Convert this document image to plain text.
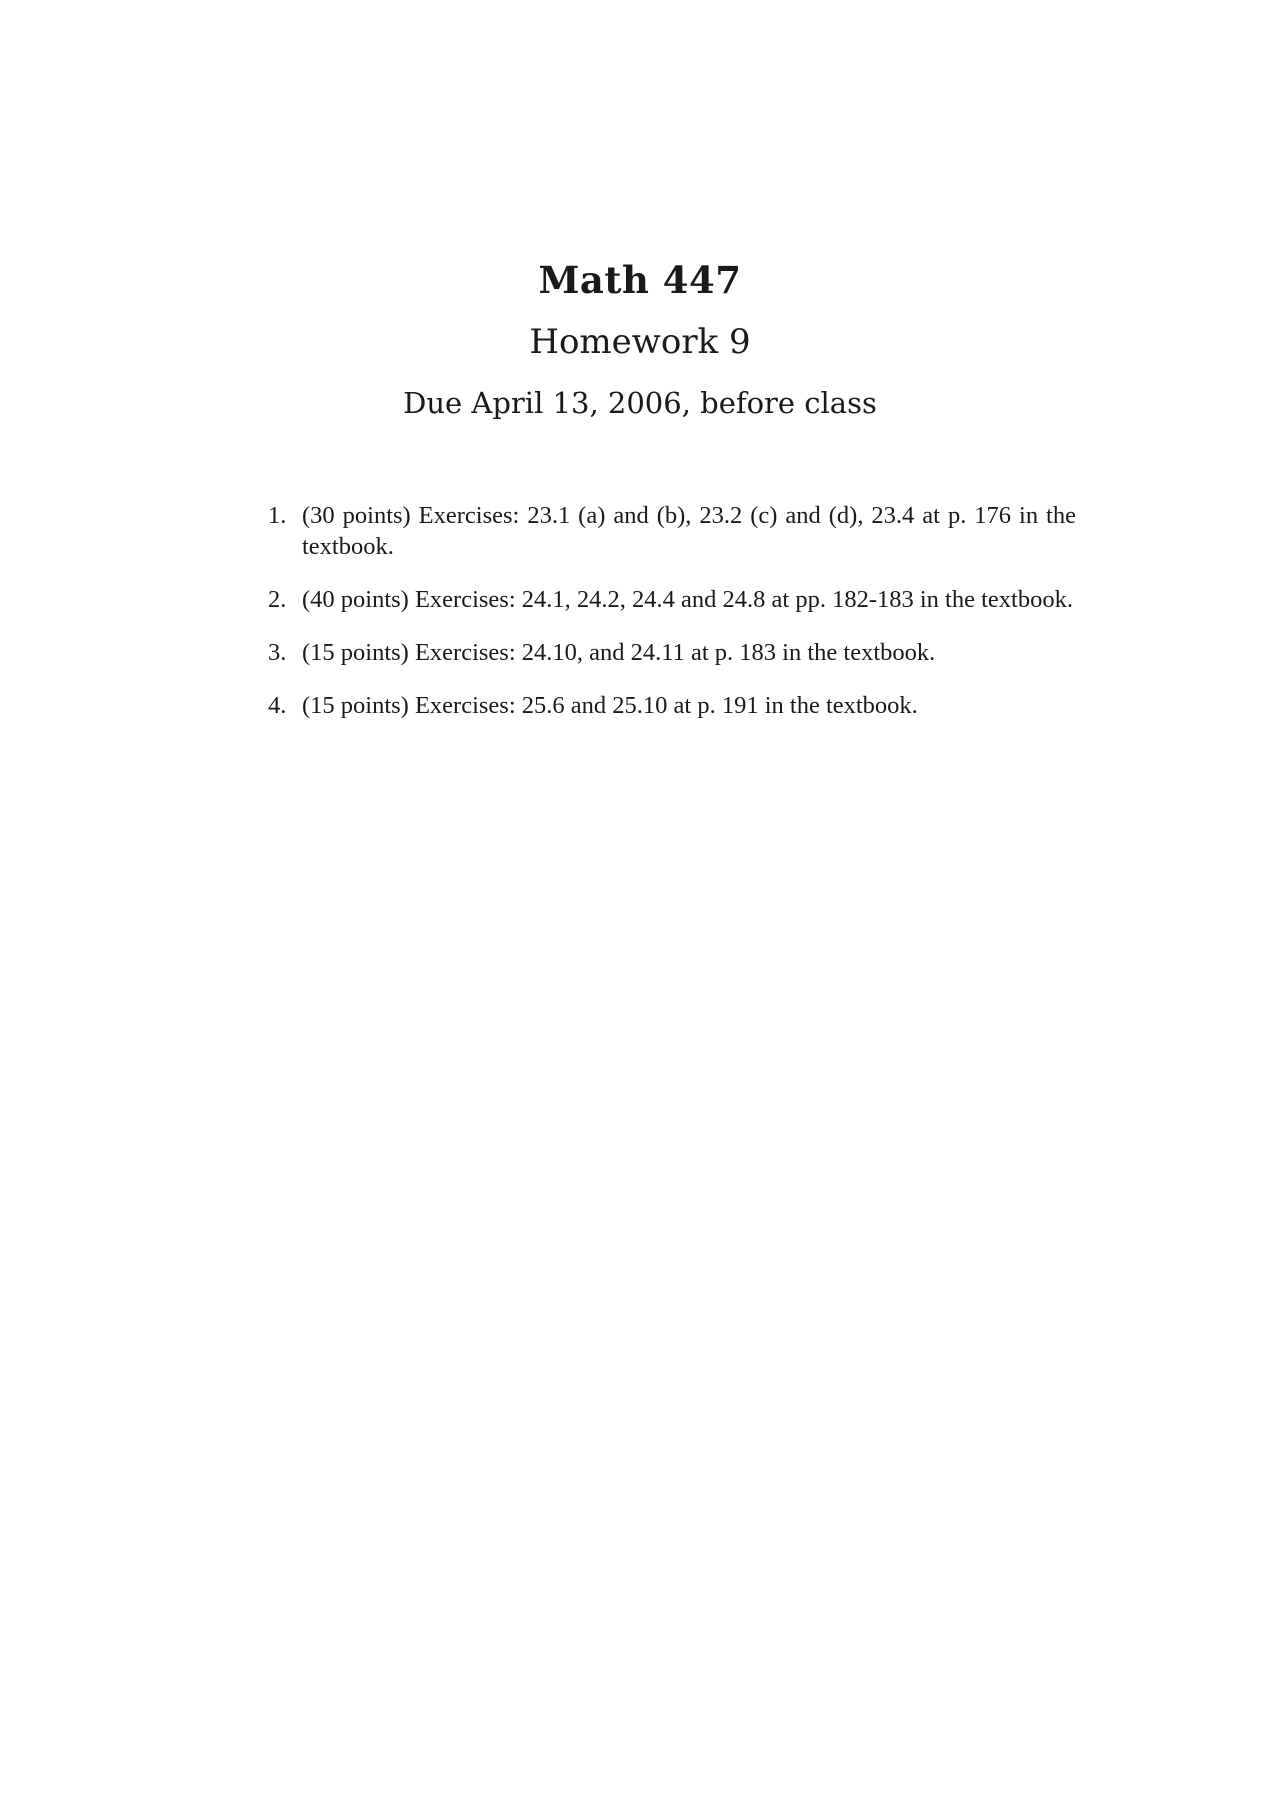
Math 447
Homework 9
Due April 13, 2006, before class
1. (30 points) Exercises: 23.1 (a) and (b), 23.2 (c) and (d), 23.4 at p. 176 in the textbook.
2. (40 points) Exercises: 24.1, 24.2, 24.4 and 24.8 at pp. 182-183 in the textbook.
3. (15 points) Exercises: 24.10, and 24.11 at p. 183 in the textbook.
4. (15 points) Exercises: 25.6 and 25.10 at p. 191 in the textbook.
